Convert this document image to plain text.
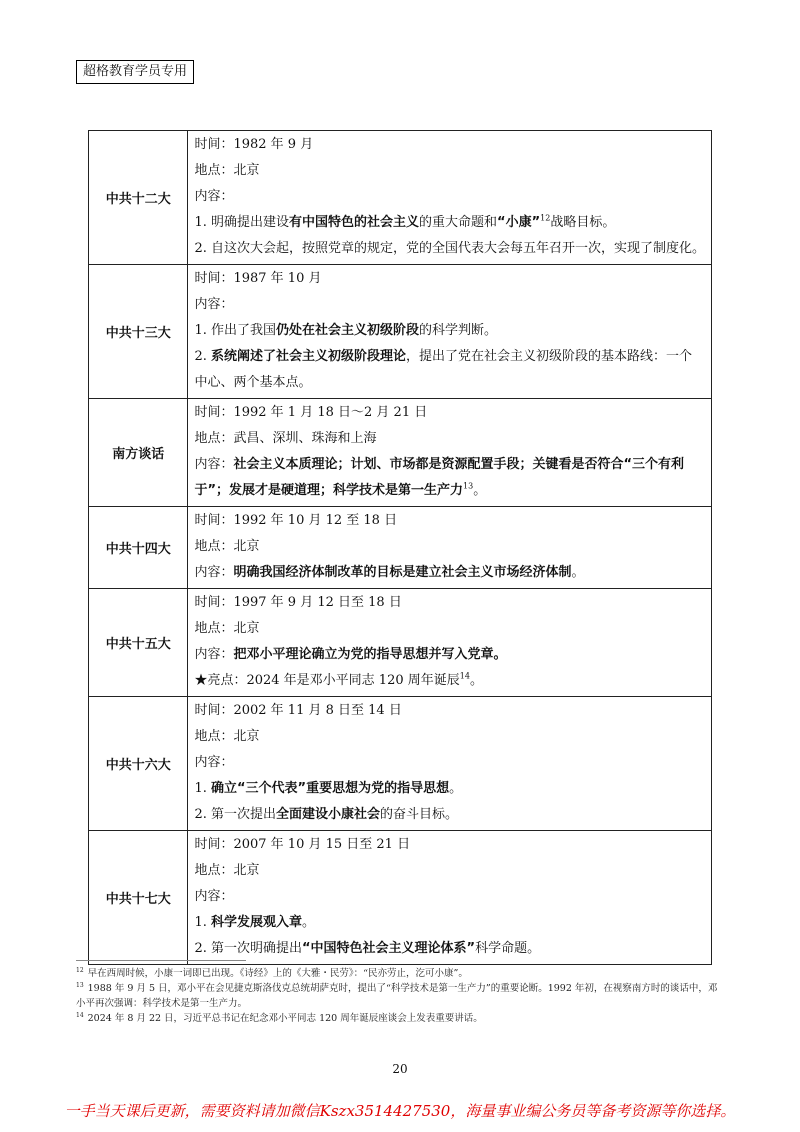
超格教育学员专用
中共十二大	时间：1982 年 9 月
地点：北京
内容：
1. 明确提出建设有中国特色的社会主义的重大命题和“小康”$^{12}$战略目标。
2. 自这次大会起，按照党章的规定，党的全国代表大会每五年召开一次，实现了制度化。

中共十三大	时间：1987 年 10 月
内容：
1. 作出了我国仍处在社会主义初级阶段的科学判断。
2. 系统阐述了社会主义初级阶段理论，提出了党在社会主义初级阶段的基本路线：一个中心、两个基本点。

南方谈话	时间：1992 年 1 月 18 日～2 月 21 日
地点：武昌、深圳、珠海和上海
内容：社会主义本质理论；计划、市场都是资源配置手段；关键看是否符合“三个有利于”；发展才是硬道理；科学技术是第一生产力$^{13}$。

中共十四大	时间：1992 年 10 月 12 至 18 日
地点：北京
内容：明确我国经济体制改革的目标是建立社会主义市场经济体制。

中共十五大	时间：1997 年 9 月 12 日至 18 日
地点：北京
内容：把邓小平理论确立为党的指导思想并写入党章。
★亮点：2024 年是邓小平同志 120 周年诞辰$^{14}$。

中共十六大	时间：2002 年 11 月 8 日至 14 日
地点：北京
内容：
1. 确立“三个代表”重要思想为党的指导思想。
2. 第一次提出全面建设小康社会的奋斗目标。

中共十七大	时间：2007 年 10 月 15 日至 21 日
地点：北京
内容：
1. 科学发展观入章。
2. 第一次明确提出“中国特色社会主义理论体系”科学命题。

$^{12}$ 早在西周时候，小康一词即已出现。《诗经》上的《大雅・民劳》：“民亦劳止，汔可小康”。

$^{13}$ 1988 年 9 月 5 日，邓小平在会见捷克斯洛伐克总统胡萨克时，提出了“科学技术是第一生产力”的重要论断。1992 年初，在视察南方时的谈话中，邓小平再次强调：科学技术是第一生产力。

$^{14}$ 2024 年 8 月 22 日，习近平总书记在纪念邓小平同志 120 周年诞辰座谈会上发表重要讲话。

20
一手当天课后更新，需要资料请加微信Kszx3514427530，海量事业编公务员等备考资源等你选择。
